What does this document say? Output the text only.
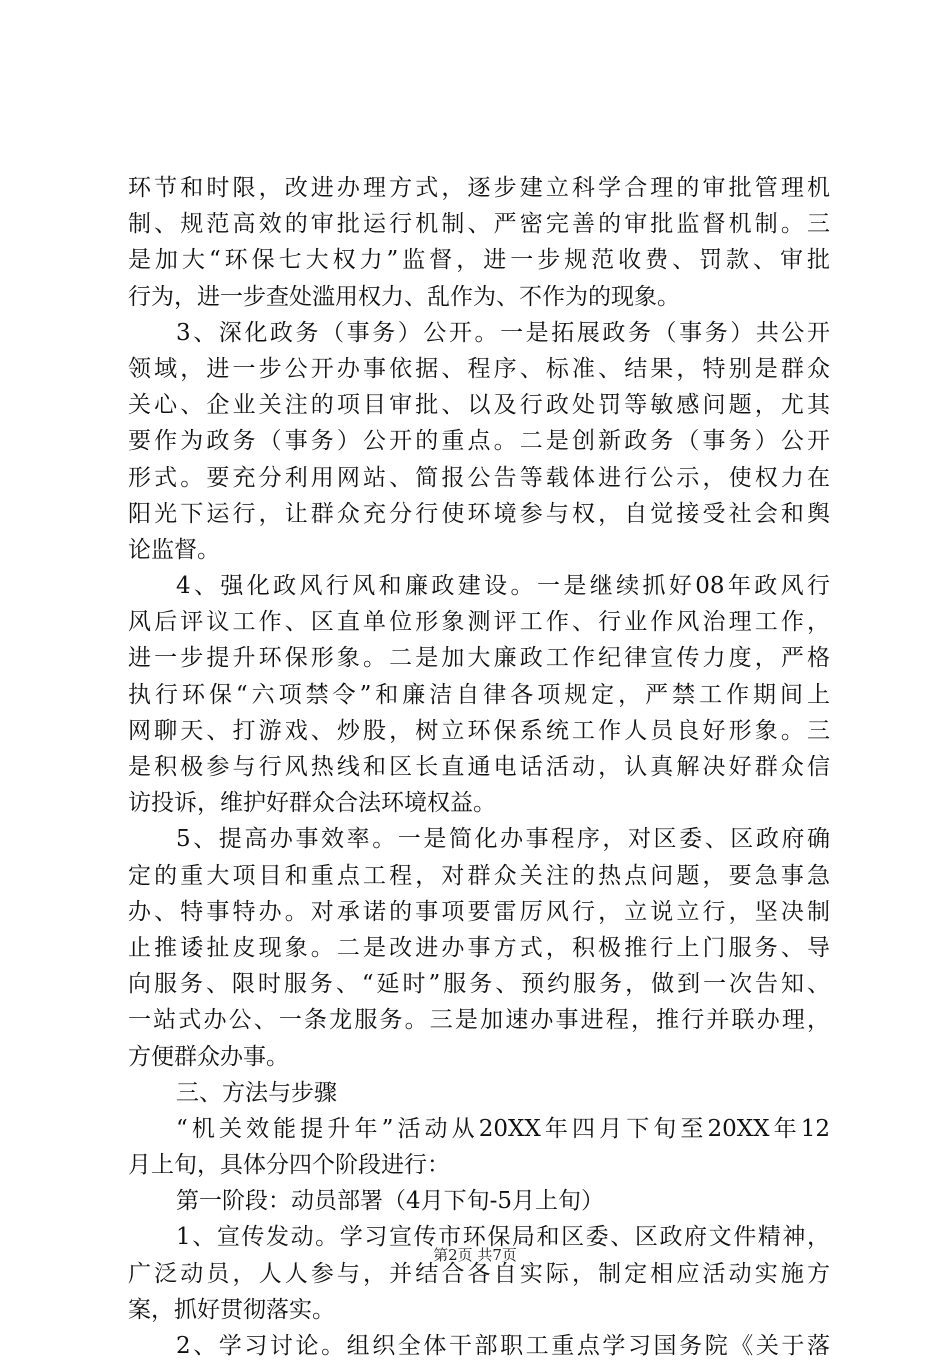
环节和时限，改进办理方式，逐步建立科学合理的审批管理机
制、规范高效的审批运行机制、严密完善的审批监督机制。三
是加大“环保七大权力”监督，进一步规范收费、罚款、审批
行为，进一步查处滥用权力、乱作为、不作为的现象。
3、深化政务（事务）公开。一是拓展政务（事务）共公开
领域，进一步公开办事依据、程序、标准、结果，特别是群众
关心、企业关注的项目审批、以及行政处罚等敏感问题，尤其
要作为政务（事务）公开的重点。二是创新政务（事务）公开
形式。要充分利用网站、简报公告等载体进行公示，使权力在
阳光下运行，让群众充分行使环境参与权，自觉接受社会和舆
论监督。
4、强化政风行风和廉政建设。一是继续抓好08年政风行
风后评议工作、区直单位形象测评工作、行业作风治理工作，
进一步提升环保形象。二是加大廉政工作纪律宣传力度，严格
执行环保“六项禁令”和廉洁自律各项规定，严禁工作期间上
网聊天、打游戏、炒股，树立环保系统工作人员良好形象。三
是积极参与行风热线和区长直通电话活动，认真解决好群众信
访投诉，维护好群众合法环境权益。
5、提高办事效率。一是简化办事程序，对区委、区政府确
定的重大项目和重点工程，对群众关注的热点问题，要急事急
办、特事特办。对承诺的事项要雷厉风行，立说立行，坚决制
止推诿扯皮现象。二是改进办事方式，积极推行上门服务、导
向服务、限时服务、“延时”服务、预约服务，做到一次告知、
一站式办公、一条龙服务。三是加速办事进程，推行并联办理，
方便群众办事。
三、方法与步骤
“机关效能提升年”活动从20XX年四月下旬至20XX年12
月上旬，具体分四个阶段进行：
第一阶段：动员部署（4月下旬-5月上旬）
1、宣传发动。学习宣传市环保局和区委、区政府文件精神，
广泛动员，人人参与，并结合各自实际，制定相应活动实施方
案，抓好贯彻落实。
2、学习讨论。组织全体干部职工重点学习国务院《关于落
第2页 共7页
